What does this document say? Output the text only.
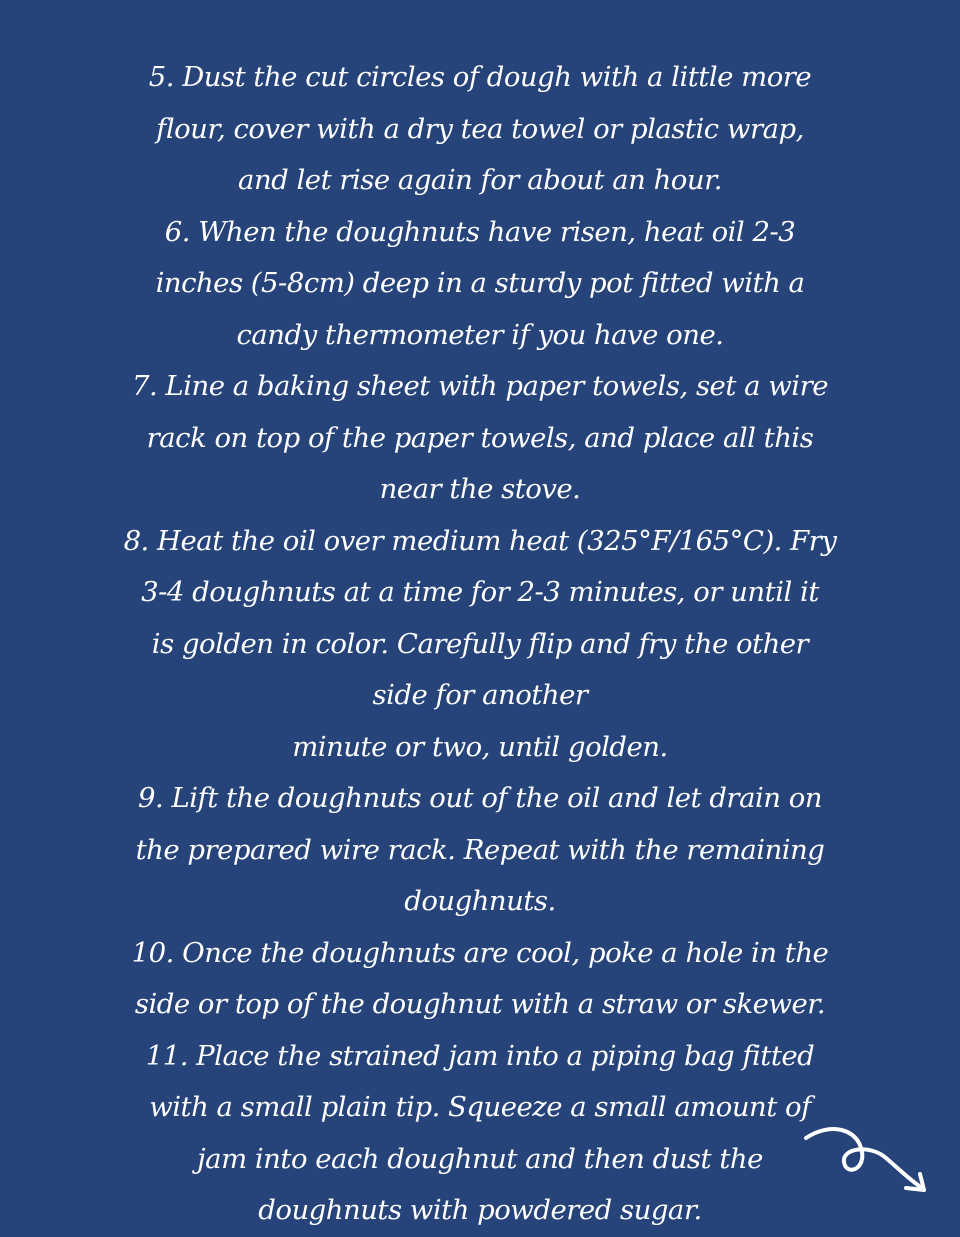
5. Dust the cut circles of dough with a little more

flour, cover with a dry tea towel or plastic wrap,

and let rise again for about an hour.

6. When the doughnuts have risen, heat oil 2-3

inches (5-8cm) deep in a sturdy pot fitted with a

candy thermometer if you have one.

7. Line a baking sheet with paper towels, set a wire

rack on top of the paper towels, and place all this

near the stove.

8. Heat the oil over medium heat (325°F/165°C). Fry

3-4 doughnuts at a time for 2-3 minutes, or until it

is golden in color. Carefully flip and fry the other

side for another

minute or two, until golden.

9. Lift the doughnuts out of the oil and let drain on

the prepared wire rack. Repeat with the remaining

doughnuts.

10. Once the doughnuts are cool, poke a hole in the

side or top of the doughnut with a straw or skewer.

11. Place the strained jam into a piping bag fitted

with a small plain tip. Squeeze a small amount of

jam into each doughnut and then dust the

doughnuts with powdered sugar.
